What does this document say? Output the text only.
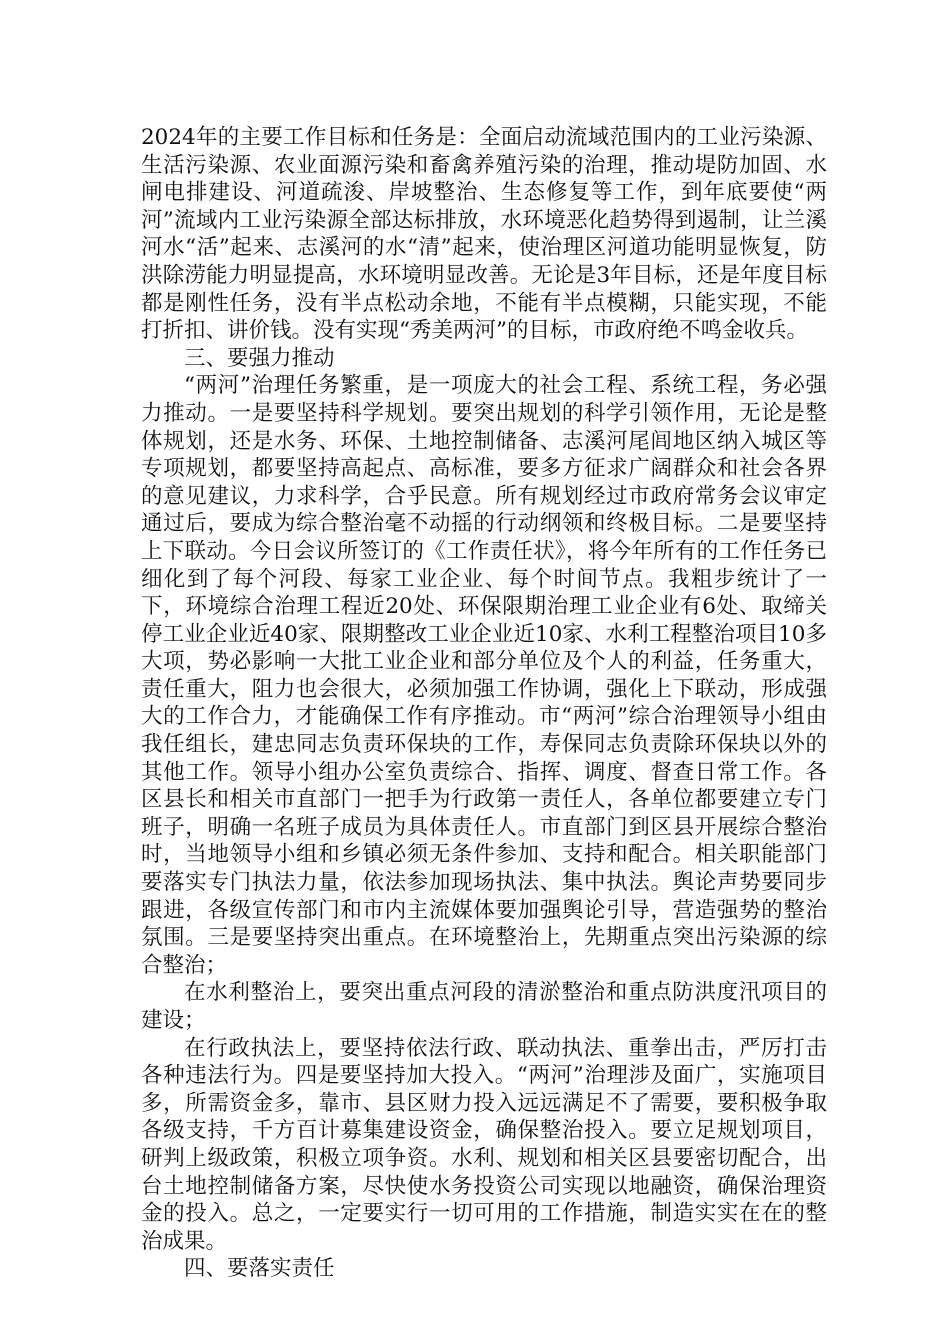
2024年的主要工作目标和任务是：全面启动流域范围内的工业污染源、生活污染源、农业面源污染和畜禽养殖污染的治理，推动堤防加固、水闸电排建设、河道疏浚、岸坡整治、生态修复等工作，到年底要使“两河”流域内工业污染源全部达标排放，水环境恶化趋势得到遏制，让兰溪河水“活”起来、志溪河的水“清”起来，使治理区河道功能明显恢复，防洪除涝能力明显提高，水环境明显改善。无论是3年目标，还是年度目标都是刚性任务，没有半点松动余地，不能有半点模糊，只能实现，不能打折扣、讲价钱。没有实现“秀美两河”的目标，市政府绝不鸣金收兵。

三、要强力推动

“两河”治理任务繁重，是一项庞大的社会工程、系统工程，务必强力推动。一是要坚持科学规划。要突出规划的科学引领作用，无论是整体规划，还是水务、环保、土地控制储备、志溪河尾闾地区纳入城区等专项规划，都要坚持高起点、高标准，要多方征求广阔群众和社会各界的意见建议，力求科学，合乎民意。所有规划经过市政府常务会议审定通过后，要成为综合整治毫不动摇的行动纲领和终极目标。二是要坚持上下联动。今日会议所签订的《工作责任状》，将今年所有的工作任务已细化到了每个河段、每家工业企业、每个时间节点。我粗步统计了一下，环境综合治理工程近20处、环保限期治理工业企业有6处、取缔关停工业企业近40家、限期整改工业企业近10家、水利工程整治项目10多大项，势必影响一大批工业企业和部分单位及个人的利益，任务重大，责任重大，阻力也会很大，必须加强工作协调，强化上下联动，形成强大的工作合力，才能确保工作有序推动。市“两河”综合治理领导小组由我任组长，建忠同志负责环保块的工作，寿保同志负责除环保块以外的其他工作。领导小组办公室负责综合、指挥、调度、督查日常工作。各区县长和相关市直部门一把手为行政第一责任人，各单位都要建立专门班子，明确一名班子成员为具体责任人。市直部门到区县开展综合整治时，当地领导小组和乡镇必须无条件参加、支持和配合。相关职能部门要落实专门执法力量，依法参加现场执法、集中执法。舆论声势要同步跟进，各级宣传部门和市内主流媒体要加强舆论引导，营造强势的整治氛围。三是要坚持突出重点。在环境整治上，先期重点突出污染源的综合整治；

在水利整治上，要突出重点河段的清淤整治和重点防洪度汛项目的建设；

在行政执法上，要坚持依法行政、联动执法、重拳出击，严厉打击各种违法行为。四是要坚持加大投入。“两河”治理涉及面广，实施项目多，所需资金多，靠市、县区财力投入远远满足不了需要，要积极争取各级支持，千方百计募集建设资金，确保整治投入。要立足规划项目，研判上级政策，积极立项争资。水利、规划和相关区县要密切配合，出台土地控制储备方案，尽快使水务投资公司实现以地融资，确保治理资金的投入。总之，一定要实行一切可用的工作措施，制造实实在在的整治成果。

四、要落实责任
